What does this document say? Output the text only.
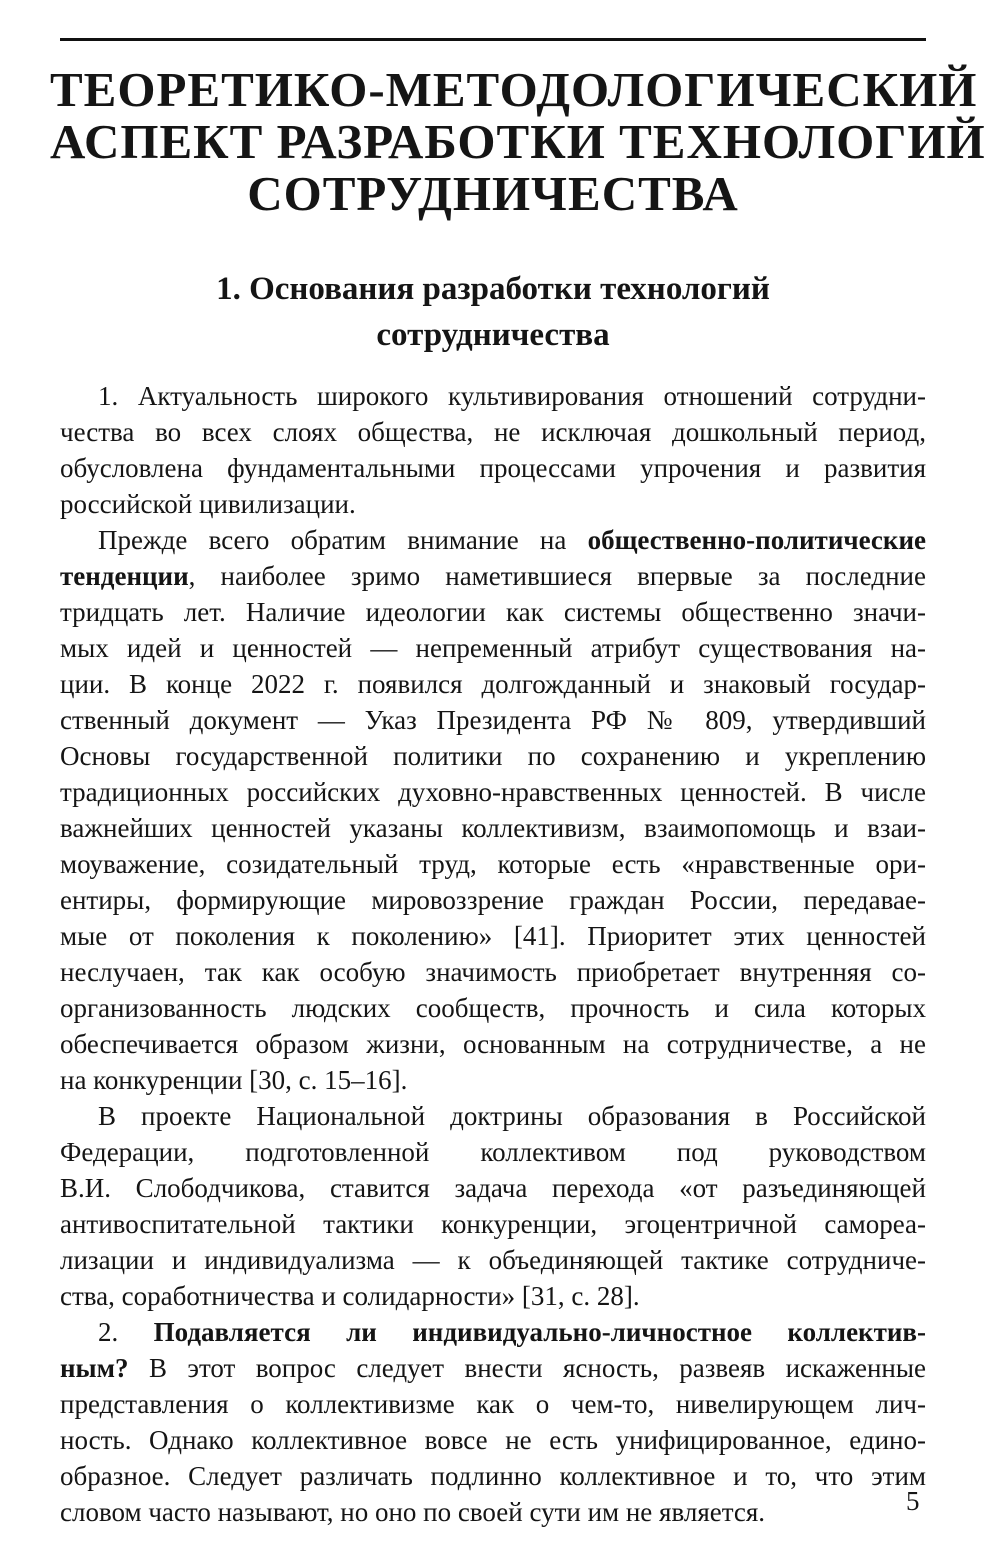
ТЕОРЕТИКО-МЕТОДОЛОГИЧЕСКИЙ
АСПЕКТ РАЗРАБОТКИ ТЕХНОЛОГИЙ
СОТРУДНИЧЕСТВА
1. Основания разработки технологий
сотрудничества
1. Актуальность широкого культивирования отношений сотрудни-
чества во всех слоях общества, не исключая дошкольный период,
обусловлена фундаментальными процессами упрочения и развития
российской цивилизации.
Прежде всего обратим внимание на общественно-политические
тенденции, наиболее зримо наметившиеся впервые за последние
тридцать лет. Наличие идеологии как системы общественно значи-
мых идей и ценностей — непременный атрибут существования на-
ции. В конце 2022 г. появился долгожданный и знаковый государ-
ственный документ — Указ Президента РФ № 809, утвердивший
Основы государственной политики по сохранению и укреплению
традиционных российских духовно-нравственных ценностей. В числе
важнейших ценностей указаны коллективизм, взаимопомощь и взаи-
моуважение, созидательный труд, которые есть «нравственные ори-
ентиры, формирующие мировоззрение граждан России, передавае-
мые от поколения к поколению» [41]. Приоритет этих ценностей
неслучаен, так как особую значимость приобретает внутренняя со-
организованность людских сообществ, прочность и сила которых
обеспечивается образом жизни, основанным на сотрудничестве, а не
на конкуренции [30, с. 15–16].
В проекте Национальной доктрины образования в Российской
Федерации, подготовленной коллективом под руководством
В.И. Слободчикова, ставится задача перехода «от разъединяющей
антивоспитательной тактики конкуренции, эгоцентричной самореа-
лизации и индивидуализма — к объединяющей тактике сотрудниче-
ства, соработничества и солидарности» [31, с. 28].
2. Подавляется ли индивидуально-личностное коллектив-
ным? В этот вопрос следует внести ясность, развеяв искаженные
представления о коллективизме как о чем-то, нивелирующем лич-
ность. Однако коллективное вовсе не есть унифицированное, едино-
образное. Следует различать подлинно коллективное и то, что этим
словом часто называют, но оно по своей сути им не является.	5
